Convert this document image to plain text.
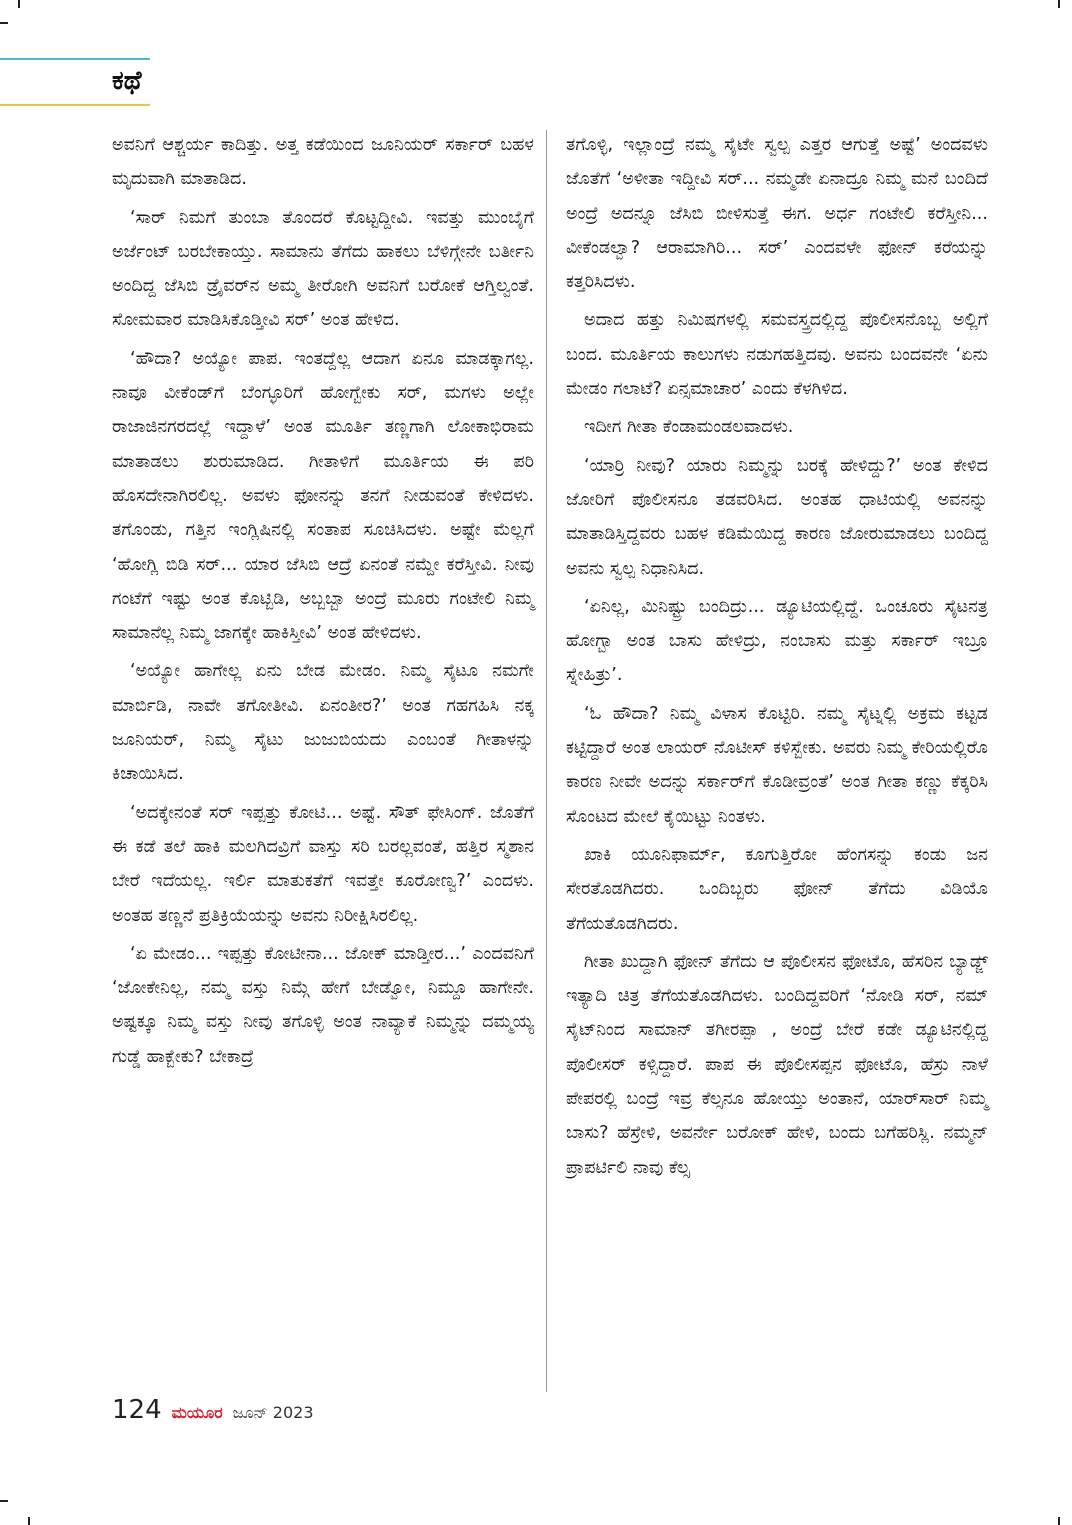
ಕಥೆ

ಅವನಿಗೆ ಆಶ್ಚರ್ಯ ಕಾದಿತ್ತು. ಅತ್ತ ಕಡೆಯಿಂದ ಜೂನಿಯರ್ ಸರ್ಕಾರ್ ಬಹಳ ಮೃದುವಾಗಿ ಮಾತಾಡಿದ.

‘ಸಾರ್ ನಿಮಗೆ ತುಂಬಾ ತೊಂದರೆ ಕೊಟ್ಟದ್ದೀವಿ. ಇವತ್ತು ಮುಂಬೈಗೆ ಅರ್ಜೆಂಟ್ ಬರಬೇಕಾಯ್ತು. ಸಾಮಾನು ತೆಗೆದು ಹಾಕಲು ಬೆಳಿಗ್ಗೇನೇ ಬರ್ತೀನಿ ಅಂದಿದ್ದ ಜೆಸಿಬಿ ಡ್ರೈವರ್‌ನ ಅಮ್ಮ ತೀರೋಗಿ ಅವನಿಗೆ ಬರೋಕೆ ಆಗ್ತಿಲ್ವಂತೆ. ಸೋಮವಾರ ಮಾಡಿಸಿಕೊಡ್ತೀವಿ ಸರ್’ ಅಂತ ಹೇಳಿದ.

‘ಹೌದಾ? ಅಯ್ಯೋ ಪಾಪ. ಇಂತದ್ದೆಲ್ಲ ಆದಾಗ ಏನೂ ಮಾಡಕ್ಕಾಗಲ್ಲ. ನಾವೂ ವೀಕೆಂಡ್‌ಗೆ ಬೆಂಗ್ಳೂರಿಗೆ ಹೋಗ್ಬೇಕು ಸರ್, ಮಗಳು ಅಲ್ಲೇ ರಾಜಾಜಿನಗರದಲ್ಲೆ ಇದ್ದಾಳೆ’ ಅಂತ ಮೂರ್ತಿ ತಣ್ಣಗಾಗಿ ಲೋಕಾಭಿರಾಮ ಮಾತಾಡಲು ಶುರುಮಾಡಿದ. ಗೀತಾಳಿಗೆ ಮೂರ್ತಿಯ ಈ ಪರಿ ಹೊಸದೇನಾಗಿರಲಿಲ್ಲ. ಅವಳು ಫೋನನ್ನು ತನಗೆ ನೀಡುವಂತೆ ಕೇಳಿದಳು. ತಗೊಂಡು, ಗತ್ತಿನ ಇಂಗ್ಲಿಷಿನಲ್ಲಿ ಸಂತಾಪ ಸೂಚಿಸಿದಳು. ಅಷ್ಟೇ ಮೆಲ್ಲಗೆ ‘ಹೋಗ್ಲಿ ಬಿಡಿ ಸರ್... ಯಾರ ಜೆಸಿಬಿ ಆದ್ರೆ ಏನಂತೆ ನಮ್ದೇ ಕರೆಸ್ತೀವಿ. ನೀವು ಗಂಟೆಗೆ ಇಷ್ಟು ಅಂತ ಕೊಟ್ಬಿಡಿ, ಅಬ್ಬಬ್ಬಾ ಅಂದ್ರೆ ಮೂರು ಗಂಟೇಲಿ ನಿಮ್ಮ ಸಾಮಾನೆಲ್ಲ ನಿಮ್ಮ ಜಾಗಕ್ಕೇ ಹಾಕಿಸ್ತೀವಿ’ ಅಂತ ಹೇಳಿದಳು.

‘ಅಯ್ಯೋ ಹಾಗೇಲ್ಲ ಏನು ಬೇಡ ಮೇಡಂ. ನಿಮ್ಮ ಸೈಟೂ ನಮಗೇ ಮಾರ್ಬಿಡಿ, ನಾವೇ ತಗೋತೀವಿ. ಏನಂತೀರ?’ ಅಂತ ಗಹಗಹಿಸಿ ನಕ್ಕ ಜೂನಿಯರ್, ನಿಮ್ಮ ಸೈಟು ಜುಜುಬಿಯದು ಎಂಬಂತೆ ಗೀತಾಳನ್ನು ಕಿಚಾಯಿಸಿದ.

‘ಅದಕ್ಕೇನಂತೆ ಸರ್ ಇಪ್ಪತ್ತು ಕೋಟಿ... ಅಷ್ಟೆ. ಸೌತ್ ಫೇಸಿಂಗ್. ಜೊತೆಗೆ ಈ ಕಡೆ ತಲೆ ಹಾಕಿ ಮಲಗಿದವ್ರಿಗೆ ವಾಸ್ತು ಸರಿ ಬರಲ್ಲವಂತೆ, ಹತ್ತಿರ ಸ್ಮಶಾನ ಬೇರೆ ಇದೆಯಲ್ಲ. ಇರ್ಲಿ ಮಾತುಕತೆಗೆ ಇವತ್ತೇ ಕೂರೋಣ್ವ?’ ಎಂದಳು. ಅಂತಹ ತಣ್ಣನೆ ಪ್ರತಿಕ್ರಿಯೆಯನ್ನು ಅವನು ನಿರೀಕ್ಷಿಸಿರಲಿಲ್ಲ.

‘ಏ ಮೇಡಂ... ಇಪ್ಪತ್ತು ಕೋಟೀನಾ... ಜೋಕ್ ಮಾಡ್ತೀರ...’ ಎಂದವನಿಗೆ ‘ಜೋಕೇನಿಲ್ಲ, ನಮ್ಮ ವಸ್ತು ನಿಮ್ಗೆ ಹೇಗೆ ಬೇಡ್ವೋ, ನಿಮ್ದೂ ಹಾಗೇನೇ. ಅಷ್ಟಕ್ಕೂ ನಿಮ್ಮ ವಸ್ತು ನೀವು ತಗೊಳ್ಳಿ ಅಂತ ನಾವ್ಯಾಕೆ ನಿಮ್ಮನ್ನು ದಮ್ಮಯ್ಯ ಗುಡ್ಡೆ ಹಾಕ್ಬೇಕು? ಬೇಕಾದ್ರೆ

ತಗೊಳ್ಳಿ, ಇಲ್ಲಾಂದ್ರೆ ನಮ್ಮ ಸೈಟೇ ಸ್ವಲ್ಪ ಎತ್ತರ ಆಗುತ್ತೆ ಅಷ್ಟೆ’ ಅಂದವಳು ಜೊತೆಗೆ ‘ಅಳೀತಾ ಇದ್ದೀವಿ ಸರ್... ನಮ್ಮಡೇ ಏನಾದ್ರೂ ನಿಮ್ಮ ಮನೆ ಬಂದಿದೆ ಅಂದ್ರೆ ಅದನ್ನೂ ಜೆಸಿಬಿ ಬೀಳಿಸುತ್ತೆ ಈಗ. ಅರ್ಧ ಗಂಟೇಲಿ ಕರೆಸ್ತೀನಿ... ವೀಕೆಂಡಲ್ವಾ? ಆರಾಮಾಗಿರಿ... ಸರ್’ ಎಂದವಳೇ ಫೋನ್ ಕರೆಯನ್ನು ಕತ್ತರಿಸಿದಳು.

ಅದಾದ ಹತ್ತು ನಿಮಿಷಗಳಲ್ಲಿ ಸಮವಸ್ತ್ರದಲ್ಲಿದ್ದ ಪೊಲೀಸನೊಬ್ಬ ಅಲ್ಲಿಗೆ ಬಂದ. ಮೂರ್ತಿಯ ಕಾಲುಗಳು ನಡುಗಹತ್ತಿದವು. ಅವನು ಬಂದವನೇ ‘ಏನು ಮೇಡಂ ಗಲಾಟೆ? ಏನ್ಸಮಾಚಾರ’ ಎಂದು ಕೆಳಗಿಳಿದ.

ಇದೀಗ ಗೀತಾ ಕೆಂಡಾಮಂಡಲವಾದಳು.

‘ಯಾರ್ರಿ ನೀವು? ಯಾರು ನಿಮ್ಮನ್ನು ಬರಕ್ಕೆ ಹೇಳಿದ್ದು?’ ಅಂತ ಕೇಳಿದ ಜೋರಿಗೆ ಪೊಲೀಸನೂ ತಡವರಿಸಿದ. ಅಂತಹ ಧಾಟಿಯಲ್ಲಿ ಅವನನ್ನು ಮಾತಾಡಿಸ್ತಿದ್ದವರು ಬಹಳ ಕಡಿಮೆಯಿದ್ದ ಕಾರಣ ಜೋರುಮಾಡಲು ಬಂದಿದ್ದ ಅವನು ಸ್ವಲ್ಪ ನಿಧಾನಿಸಿದ.

‘ಏನಿಲ್ಲ, ಮಿನಿಷ್ಟ್ರು ಬಂದಿದ್ರು... ಡ್ಯೂಟಿಯಲ್ಲಿದ್ದೆ. ಒಂಚೂರು ಸೈಟನತ್ರ ಹೋಗ್ಬಾ ಅಂತ ಬಾಸು ಹೇಳಿದ್ರು, ನಂಬಾಸು ಮತ್ತು ಸರ್ಕಾರ್ ಇಬ್ರೂ ಸ್ನೇಹಿತ್ರು’.

‘ಓ ಹೌದಾ? ನಿಮ್ಮ ವಿಳಾಸ ಕೊಟ್ಟಿರಿ. ನಮ್ಮ ಸೈಟ್ನಲ್ಲಿ ಅಕ್ರಮ ಕಟ್ಟಡ ಕಟ್ಟಿದ್ದಾರೆ ಅಂತ ಲಾಯರ್ ನೊಟೀಸ್ ಕಳಿಸ್ಬೇಕು. ಅವರು ನಿಮ್ಮ ಕೇರಿಯಲ್ಲಿರೊ ಕಾರಣ ನೀವೇ ಅದನ್ನು ಸರ್ಕಾರ್‌ಗೆ ಕೊಡೀವ್ರಂತೆ’ ಅಂತ ಗೀತಾ ಕಣ್ಣು ಕೆಕ್ಕರಿಸಿ ಸೊಂಟದ ಮೇಲೆ ಕೈಯಿಟ್ಟು ನಿಂತಳು.

ಖಾಕಿ ಯೂನಿಫಾರ್ಮ್, ಕೂಗುತ್ತಿರೋ ಹೆಂಗಸನ್ನು ಕಂಡು ಜನ ಸೇರತೊಡಗಿದರು. ಒಂದಿಬ್ಬರು ಫೋನ್ ತೆಗೆದು ವಿಡಿಯೊ ತೆಗೆಯತೊಡಗಿದರು.

ಗೀತಾ ಖುದ್ದಾಗಿ ಫೋನ್ ತೆಗೆದು ಆ ಪೊಲೀಸನ ಫೋಟೊ, ಹೆಸರಿನ ಬ್ಯಾಡ್ಜ್ ಇತ್ಯಾದಿ ಚಿತ್ರ ತೆಗೆಯತೊಡಗಿದಳು. ಬಂದಿದ್ದವರಿಗೆ ‘ನೋಡಿ ಸರ್, ನಮ್ ಸೈಟ್‌ನಿಂದ ಸಾಮಾನ್ ತಗೀರಪ್ಪಾ , ಅಂದ್ರೆ ಬೇರೆ ಕಡೇ ಡ್ಯೂಟಿನಲ್ಲಿದ್ದ ಪೊಲೀಸರ್ ಕಳ್ಸಿದ್ದಾರೆ. ಪಾಪ ಈ ಪೊಲೀಸಪ್ಪನ ಫೋಟೊ, ಹೆಸ್ರು ನಾಳೆ ಪೇಪರಲ್ಲಿ ಬಂದ್ರೆ ಇವ್ರ ಕೆಲ್ಸನೂ ಹೋಯ್ತು ಅಂತಾನೆ, ಯಾರ್‌ಸಾರ್ ನಿಮ್ಮ ಬಾಸು? ಹೆಸ್ರೇಳಿ, ಅವರ್ನೇ ಬರೋಕ್ ಹೇಳಿ, ಬಂದು ಬಗೆಹರಿಸ್ಲಿ. ನಮ್ಮನ್ ಪ್ರಾಪರ್ಟಿಲಿ ನಾವು ಕೆಲ್ಸ

124 ಮಯೂರ ಜೂನ್ 2023
